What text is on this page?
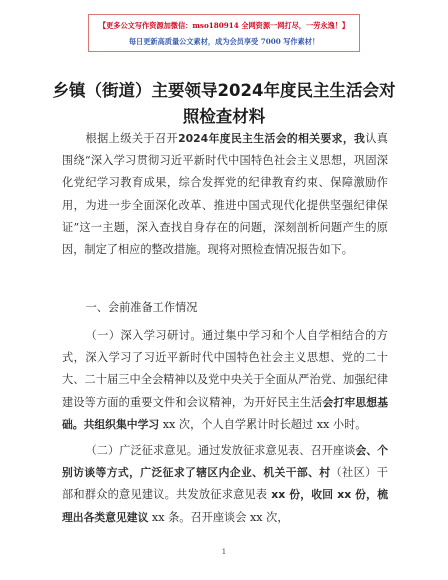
【更多公文写作资源加微信：mso180914 全网资源一网打尽，一劳永逸！】
每日更新高质量公文素材，成为会员享受 7000 写作素材！
乡镇（街道）主要领导2024年度民主生活会对照检查材料

根据上级关于召开2024年度民主生活会的相关要求，我认真围绕“深入学习贯彻习近平新时代中国特色社会主义思想，巩固深化党纪学习教育成果，综合发挥党的纪律教育约束、保障激励作用，为进一步全面深化改革、推进中国式现代化提供坚强纪律保证”这一主题，深入查找自身存在的问题，深刻剖析问题产生的原因，制定了相应的整改措施。现将对照检查情况报告如下。

一、会前准备工作情况

（一）深入学习研讨。通过集中学习和个人自学相结合的方式，深入学习了习近平新时代中国特色社会主义思想、党的二十大、二十届三中全会精神以及党中央关于全面从严治党、加强纪律建设等方面的重要文件和会议精神，为开好民主生活会打牢思想基础。共组织集中学习 xx 次，个人自学累计时长超过 xx 小时。

（二）广泛征求意见。通过发放征求意见表、召开座谈会、个别访谈等方式，广泛征求了辖区内企业、机关干部、村（社区）干部和群众的意见建议。共发放征求意见表 xx 份，收回 xx 份，梳理出各类意见建议 xx 条。召开座谈会 xx 次，

1
